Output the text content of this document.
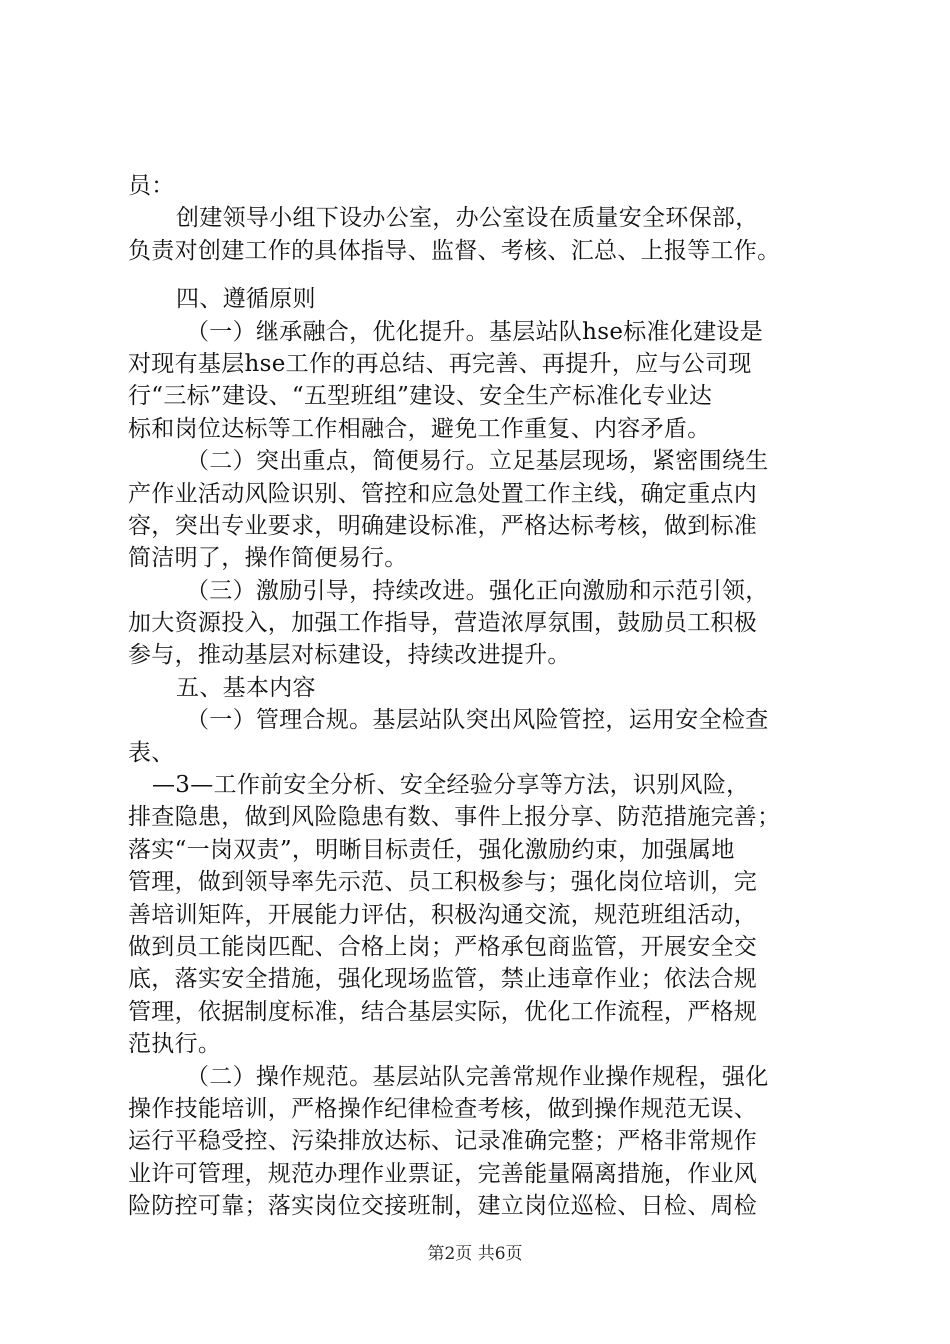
员：
创建领导小组下设办公室，办公室设在质量安全环保部，
负责对创建工作的具体指导、监督、考核、汇总、上报等工作。
四、遵循原则
（一）继承融合，优化提升。基层站队hse标准化建设是
对现有基层hse工作的再总结、再完善、再提升，应与公司现
行“三标”建设、“五型班组”建设、安全生产标准化专业达
标和岗位达标等工作相融合，避免工作重复、内容矛盾。
（二）突出重点，简便易行。立足基层现场，紧密围绕生
产作业活动风险识别、管控和应急处置工作主线，确定重点内
容，突出专业要求，明确建设标准，严格达标考核，做到标准
简洁明了，操作简便易行。
（三）激励引导，持续改进。强化正向激励和示范引领，
加大资源投入，加强工作指导，营造浓厚氛围，鼓励员工积极
参与，推动基层对标建设，持续改进提升。
五、基本内容
（一）管理合规。基层站队突出风险管控，运用安全检查
表、
—3—工作前安全分析、安全经验分享等方法，识别风险，
排查隐患，做到风险隐患有数、事件上报分享、防范措施完善；
落实“一岗双责”，明晰目标责任，强化激励约束，加强属地
管理，做到领导率先示范、员工积极参与；强化岗位培训，完
善培训矩阵，开展能力评估，积极沟通交流，规范班组活动，
做到员工能岗匹配、合格上岗；严格承包商监管，开展安全交
底，落实安全措施，强化现场监管，禁止违章作业；依法合规
管理，依据制度标准，结合基层实际，优化工作流程，严格规
范执行。
（二）操作规范。基层站队完善常规作业操作规程，强化
操作技能培训，严格操作纪律检查考核，做到操作规范无误、
运行平稳受控、污染排放达标、记录准确完整；严格非常规作
业许可管理，规范办理作业票证，完善能量隔离措施，作业风
险防控可靠；落实岗位交接班制，建立岗位巡检、日检、周检
第2页 共6页
